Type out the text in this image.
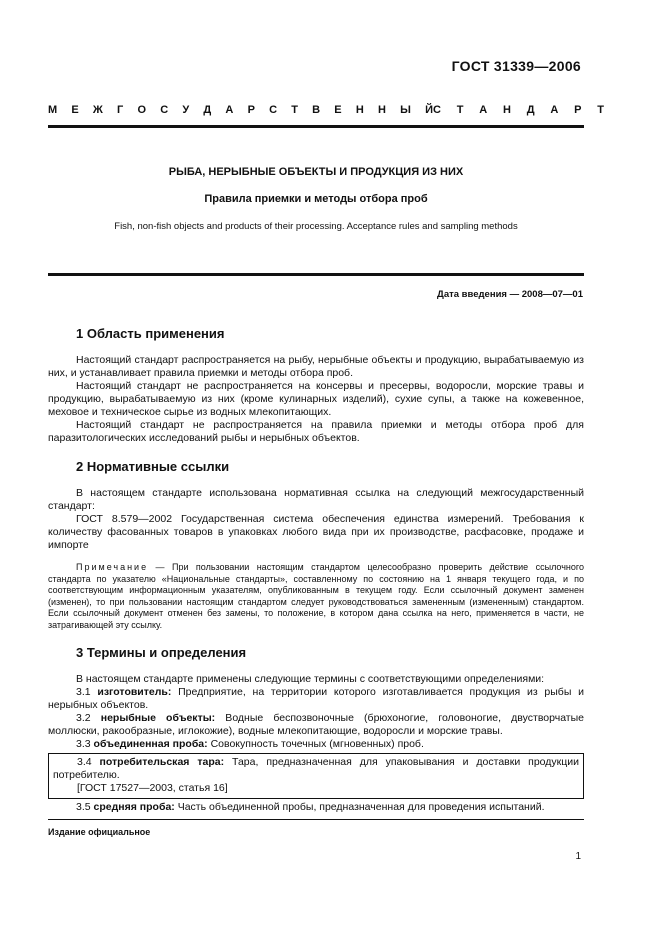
ГОСТ 31339—2006
М Е Ж Г О С У Д А Р С Т В Е Н Н Ы Й С Т А Н Д А Р Т
РЫБА, НЕРЫБНЫЕ ОБЪЕКТЫ И ПРОДУКЦИЯ ИЗ НИХ
Правила приемки и методы отбора проб
Fish, non-fish objects and products of their processing. Acceptance rules and sampling methods
Дата введения — 2008—07—01
1 Область применения

Настоящий стандарт распространяется на рыбу, нерыбные объекты и продукцию, вырабатываемую из них, и устанавливает правила приемки и методы отбора проб.

Настоящий стандарт не распространяется на консервы и пресервы, водоросли, морские травы и продукцию, вырабатываемую из них (кроме кулинарных изделий), сухие супы, а также на кожевенное, меховое и техническое сырье из водных млекопитающих.

Настоящий стандарт не распространяется на правила приемки и методы отбора проб для паразитологических исследований рыбы и нерыбных объектов.

2 Нормативные ссылки

В настоящем стандарте использована нормативная ссылка на следующий межгосударственный стандарт:

ГОСТ 8.579—2002 Государственная система обеспечения единства измерений. Требования к количеству фасованных товаров в упаковках любого вида при их производстве, расфасовке, продаже и импорте

Примечание — При пользовании настоящим стандартом целесообразно проверить действие ссылочного стандарта по указателю «Национальные стандарты», составленному по состоянию на 1 января текущего года, и по соответствующим информационным указателям, опубликованным в текущем году. Если ссылочный документ заменен (изменен), то при пользовании настоящим стандартом следует руководствоваться замененным (измененным) стандартом. Если ссылочный документ отменен без замены, то положение, в котором дана ссылка на него, применяется в части, не затрагивающей эту ссылку.
3 Термины и определения

В настоящем стандарте применены следующие термины с соответствующими определениями:

3.1 изготовитель: Предприятие, на территории которого изготавливается продукция из рыбы и нерыбных объектов.

3.2 нерыбные объекты: Водные беспозвоночные (брюхоногие, головоногие, двустворчатые моллюски, ракообразные, иглокожие), водные млекопитающие, водоросли и морские травы.

3.3 объединенная проба: Совокупность точечных (мгновенных) проб.

3.4 потребительская тара: Тара, предназначенная для упаковывания и доставки продукции потребителю.

[ГОСТ 17527—2003, статья 16]

3.5 средняя проба: Часть объединенной пробы, предназначенная для проведения испытаний.

Издание официальное
1
